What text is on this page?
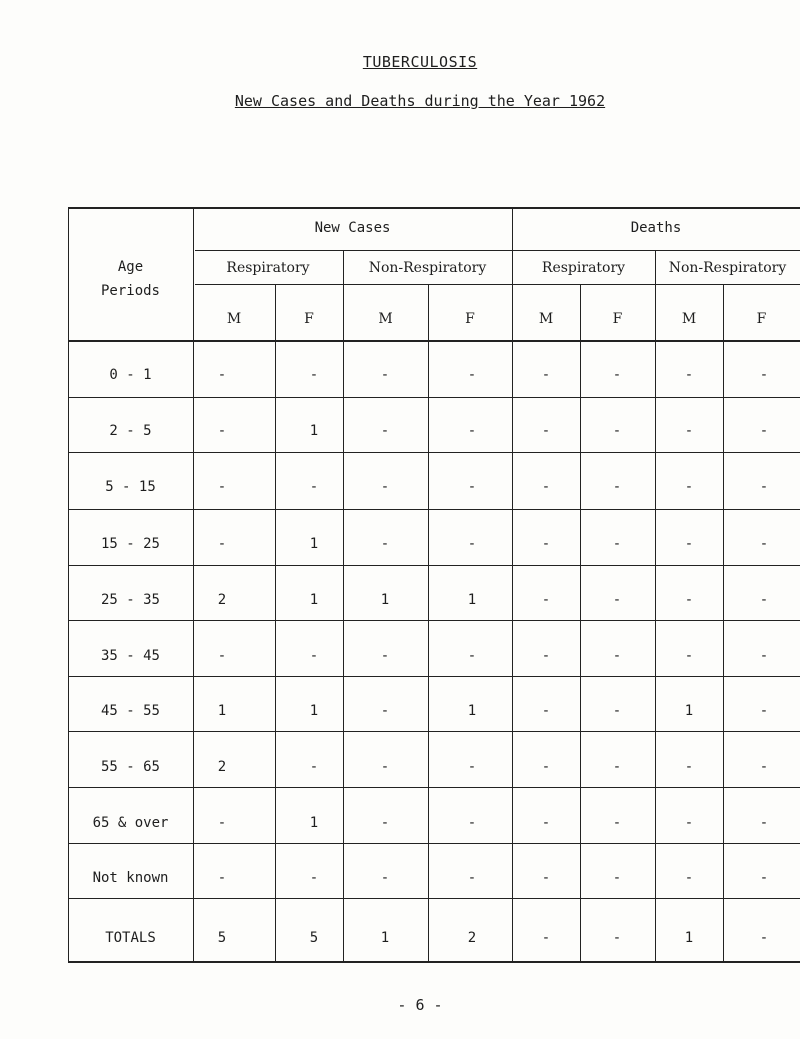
TUBERCULOSIS
New Cases and Deaths during the Year 1962
Age
Periods
New Cases	Deaths
Respiratory	Non-Respiratory	Respiratory	Non-Respiratory
M	F	M	F	M	F	M	F
0 - 1	-	-	-	-	-	-	-	-
2 - 5	-	1	-	-	-	-	-	-
5 - 15	-	-	-	-	-	-	-	-
15 - 25	-	1	-	-	-	-	-	-
25 - 35	2	1	1	1	-	-	-	-
35 - 45	-	-	-	-	-	-	-	-
45 - 55	1	1	-	1	-	-	1	-
55 - 65	2	-	-	-	-	-	-	-
65 & over	-	1	-	-	-	-	-	-
Not known	-	-	-	-	-	-	-	-
TOTALS	5	5	1	2	-	-	1	-
- 6 -
